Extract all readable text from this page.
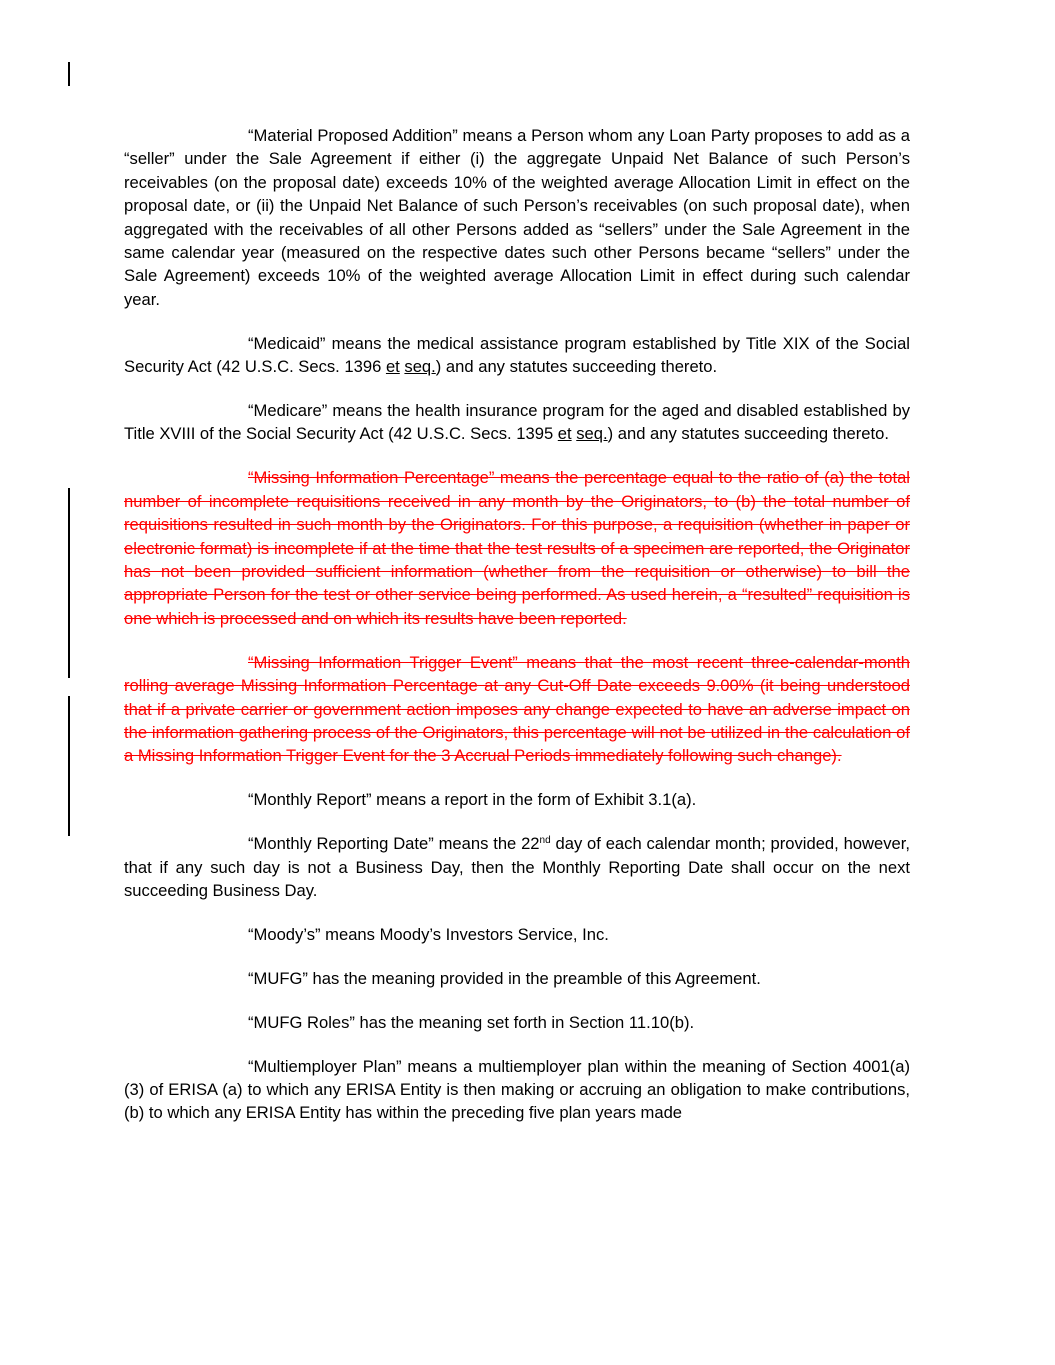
“Material Proposed Addition” means a Person whom any Loan Party proposes to add as a “seller” under the Sale Agreement if either (i) the aggregate Unpaid Net Balance of such Person’s receivables (on the proposal date) exceeds 10% of the weighted average Allocation Limit in effect on the proposal date, or (ii) the Unpaid Net Balance of such Person’s receivables (on such proposal date), when aggregated with the receivables of all other Persons added as “sellers” under the Sale Agreement in the same calendar year (measured on the respective dates such other Persons became “sellers” under the Sale Agreement) exceeds 10% of the weighted average Allocation Limit in effect during such calendar year.

“Medicaid” means the medical assistance program established by Title XIX of the Social Security Act (42 U.S.C. Secs. 1396 et seq.) and any statutes succeeding thereto.

“Medicare” means the health insurance program for the aged and disabled established by Title XVIII of the Social Security Act (42 U.S.C. Secs. 1395 et seq.) and any statutes succeeding thereto.

“Missing Information Percentage” means the percentage equal to the ratio of (a) the total number of incomplete requisitions received in any month by the Originators, to (b) the total number of requisitions resulted in such month by the Originators. For this purpose, a requisition (whether in paper or electronic format) is incomplete if at the time that the test results of a specimen are reported, the Originator has not been provided sufficient information (whether from the requisition or otherwise) to bill the appropriate Person for the test or other service being performed. As used herein, a “resulted” requisition is one which is processed and on which its results have been reported.

“Missing Information Trigger Event” means that the most recent three-calendar-month rolling average Missing Information Percentage at any Cut-Off Date exceeds 9.00% (it being understood that if a private carrier or government action imposes any change expected to have an adverse impact on the information gathering process of the Originators, this percentage will not be utilized in the calculation of a Missing Information Trigger Event for the 3 Accrual Periods immediately following such change).

“Monthly Report” means a report in the form of Exhibit 3.1(a).

“Monthly Reporting Date” means the 22nd day of each calendar month; provided, however, that if any such day is not a Business Day, then the Monthly Reporting Date shall occur on the next succeeding Business Day.

“Moody’s” means Moody’s Investors Service, Inc.

“MUFG” has the meaning provided in the preamble of this Agreement.

“MUFG Roles” has the meaning set forth in Section 11.10(b).

“Multiemployer Plan” means a multiemployer plan within the meaning of Section 4001(a)(3) of ERISA (a) to which any ERISA Entity is then making or accruing an obligation to make contributions, (b) to which any ERISA Entity has within the preceding five plan years made
